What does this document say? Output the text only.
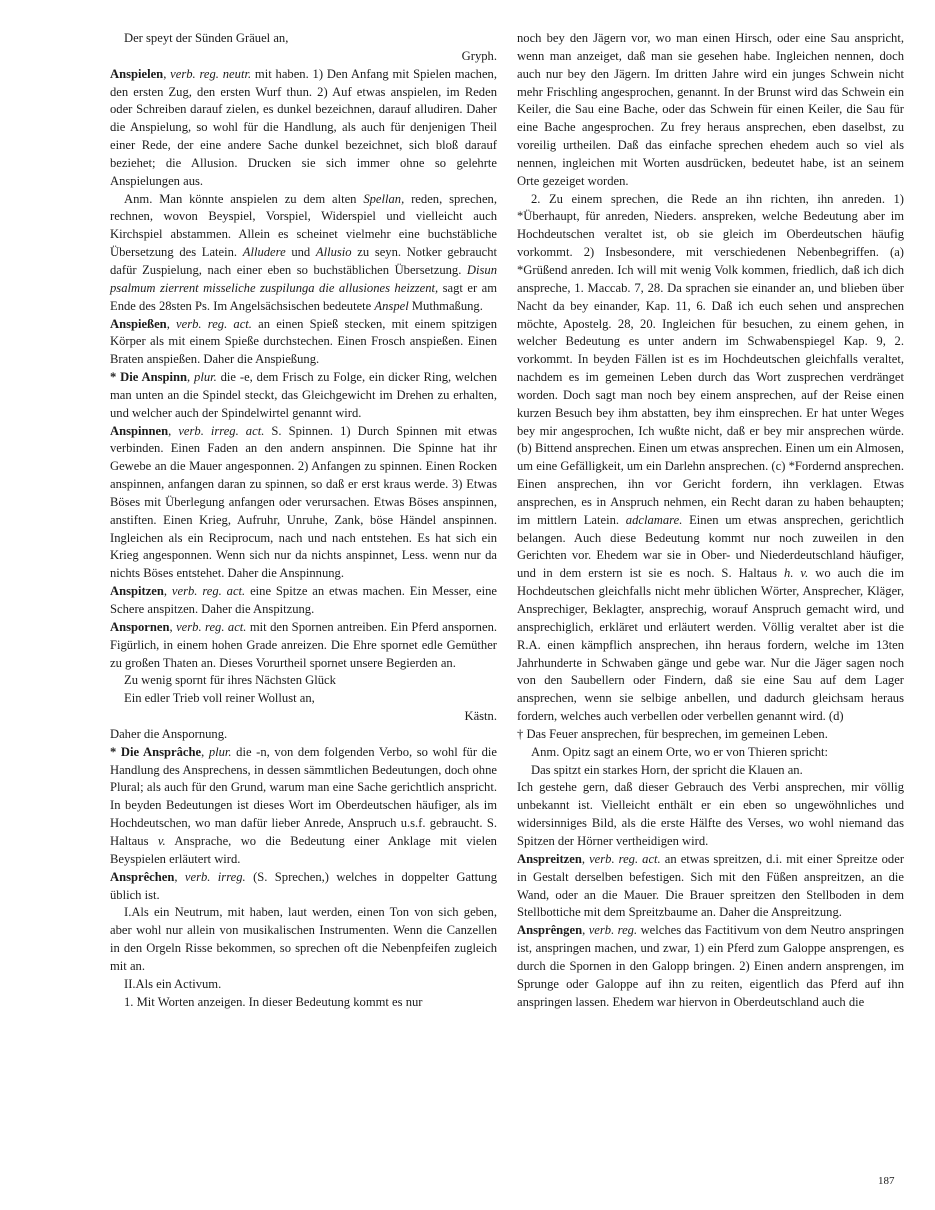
Der speyt der Sünden Gräuel an,

Gryph.

Anspielen, verb. reg. neutr. mit haben. 1) Den Anfang mit Spielen machen, den ersten Zug, den ersten Wurf thun. 2) Auf etwas anspielen, im Reden oder Schreiben darauf zielen, es dunkel bezeichnen, darauf alludiren. Daher die Anspielung, so wohl für die Handlung, als auch für denjenigen Theil einer Rede, der eine andere Sache dunkel bezeichnet, sich bloß darauf beziehet; die Allusion. Drucken sie sich immer ohne so gelehrte Anspielungen aus.

Anm. Man könnte anspielen zu dem alten Spellan, reden, sprechen, rechnen, wovon Beyspiel, Vorspiel, Widerspiel und vielleicht auch Kirchspiel abstammen. Allein es scheinet vielmehr eine buchstäbliche Übersetzung des Latein. Alludere und Allusio zu seyn. Notker gebraucht dafür Zuspielung, nach einer eben so buchstäblichen Übersetzung. Disun psalmum zierrent misseliche zuspilunga die allusiones heizzent, sagt er am Ende des 28sten Ps. Im Angelsächsischen bedeutete Anspel Muthmaßung.

Anspießen, verb. reg. act. an einen Spieß stecken, mit einem spitzigen Körper als mit einem Spieße durchstechen. Einen Frosch anspießen. Einen Braten anspießen. Daher die Anspießung.

* Die Anspinn, plur. die -e, dem Frisch zu Folge, ein dicker Ring, welchen man unten an die Spindel steckt, das Gleichgewicht im Drehen zu erhalten, und welcher auch der Spindelwirtel genannt wird.

Anspinnen, verb. irreg. act. S. Spinnen. 1) Durch Spinnen mit etwas verbinden. Einen Faden an den andern anspinnen. Die Spinne hat ihr Gewebe an die Mauer angesponnen. 2) Anfangen zu spinnen. Einen Rocken anspinnen, anfangen daran zu spinnen, so daß er erst kraus werde. 3) Etwas Böses mit Überlegung anfangen oder verursachen. Etwas Böses anspinnen, anstiften. Einen Krieg, Aufruhr, Unruhe, Zank, böse Händel anspinnen. Ingleichen als ein Reciprocum, nach und nach entstehen. Es hat sich ein Krieg angesponnen. Wenn sich nur da nichts anspinnet, Less. wenn nur da nichts Böses entstehet. Daher die Anspinnung.

Anspitzen, verb. reg. act. eine Spitze an etwas machen. Ein Messer, eine Schere anspitzen. Daher die Anspitzung.

Anspornen, verb. reg. act. mit den Spornen antreiben. Ein Pferd anspornen. Figürlich, in einem hohen Grade anreizen. Die Ehre spornet edle Gemüther zu großen Thaten an. Dieses Vorurtheil spornet unsere Begierden an.

Zu wenig spornt für ihres Nächsten Glück

Ein edler Trieb voll reiner Wollust an,

Kästn.

Daher die Anspornung.

* Die Ansprâche, plur. die -n, von dem folgenden Verbo, so wohl für die Handlung des Ansprechens, in dessen sämmtlichen Bedeutungen, doch ohne Plural; als auch für den Grund, warum man eine Sache gerichtlich anspricht. In beyden Bedeutungen ist dieses Wort im Oberdeutschen häufiger, als im Hochdeutschen, wo man dafür lieber Anrede, Anspruch u.s.f. gebraucht. S. Haltaus v. Ansprache, wo die Bedeutung einer Anklage mit vielen Beyspielen erläutert wird.

Ansprêchen, verb. irreg. (S. Sprechen,) welches in doppelter Gattung üblich ist.

I.Als ein Neutrum, mit haben, laut werden, einen Ton von sich geben, aber wohl nur allein von musikalischen Instrumenten. Wenn die Canzellen in den Orgeln Risse bekommen, so sprechen oft die Nebenpfeifen zugleich mit an.

II.Als ein Activum.

1. Mit Worten anzeigen. In dieser Bedeutung kommt es nur

noch bey den Jägern vor, wo man einen Hirsch, oder eine Sau anspricht, wenn man anzeiget, daß man sie gesehen habe. Ingleichen nennen, doch auch nur bey den Jägern. Im dritten Jahre wird ein junges Schwein nicht mehr Frischling angesprochen, genannt. In der Brunst wird das Schwein ein Keiler, die Sau eine Bache, oder das Schwein für einen Keiler, die Sau für eine Bache angesprochen. Zu frey heraus ansprechen, eben daselbst, zu voreilig urtheilen. Daß das einfache sprechen ehedem auch so viel als nennen, ingleichen mit Worten ausdrücken, bedeutet habe, ist an seinem Orte gezeiget worden.

2. Zu einem sprechen, die Rede an ihn richten, ihn anreden. 1) *Überhaupt, für anreden, Nieders. anspreken, welche Bedeutung aber im Hochdeutschen veraltet ist, ob sie gleich im Oberdeutschen häufig vorkommt. 2) Insbesondere, mit verschiedenen Nebenbegriffen. (a) *Grüßend anreden. Ich will mit wenig Volk kommen, friedlich, daß ich dich anspreche, 1. Maccab. 7, 28. Da sprachen sie einander an, und blieben über Nacht da bey einander, Kap. 11, 6. Daß ich euch sehen und ansprechen möchte, Apostelg. 28, 20. Ingleichen für besuchen, zu einem gehen, in welcher Bedeutung es unter andern im Schwabenspiegel Kap. 9, 2. vorkommt. In beyden Fällen ist es im Hochdeutschen gleichfalls veraltet, nachdem es im gemeinen Leben durch das Wort zusprechen verdränget worden. Doch sagt man noch bey einem ansprechen, auf der Reise einen kurzen Besuch bey ihm abstatten, bey ihm einsprechen. Er hat unter Weges bey mir angesprochen, Ich wußte nicht, daß er bey mir ansprechen würde. (b) Bittend ansprechen. Einen um etwas ansprechen. Einen um ein Almosen, um eine Gefälligkeit, um ein Darlehn ansprechen. (c) *Fordernd ansprechen. Einen ansprechen, ihn vor Gericht fordern, ihn verklagen. Etwas ansprechen, es in Anspruch nehmen, ein Recht daran zu haben behaupten; im mittlern Latein. adclamare. Einen um etwas ansprechen, gerichtlich belangen. Auch diese Bedeutung kommt nur noch zuweilen in den Gerichten vor. Ehedem war sie in Ober- und Niederdeutschland häufiger, und in dem erstern ist sie es noch. S. Haltaus h. v. wo auch die im Hochdeutschen gleichfalls nicht mehr üblichen Wörter, Ansprecher, Kläger, Ansprechiger, Beklagter, ansprechig, worauf Anspruch gemacht wird, und ansprechiglich, erkläret und erläutert werden. Völlig veraltet aber ist die R.A. einen kämpflich ansprechen, ihn heraus fordern, welche im 13ten Jahrhunderte in Schwaben gänge und gebe war. Nur die Jäger sagen noch von den Saubellern oder Findern, daß sie eine Sau auf dem Lager ansprechen, wenn sie selbige anbellen, und dadurch gleichsam heraus fordern, welches auch verbellen oder verbellen genannt wird. (d)

† Das Feuer ansprechen, für besprechen, im gemeinen Leben.

Anm. Opitz sagt an einem Orte, wo er von Thieren spricht:

Das spitzt ein starkes Horn, der spricht die Klauen an.

Ich gestehe gern, daß dieser Gebrauch des Verbi ansprechen, mir völlig unbekannt ist. Vielleicht enthält er ein eben so ungewöhnliches und widersinniges Bild, als die erste Hälfte des Verses, wo wohl niemand das Spitzen der Hörner vertheidigen wird.

Anspreitzen, verb. reg. act. an etwas spreitzen, d.i. mit einer Spreitze oder in Gestalt derselben befestigen. Sich mit den Füßen anspreitzen, an die Wand, oder an die Mauer. Die Brauer spreitzen den Stellboden in dem Stellbottiche mit dem Spreitzbaume an. Daher die Anspreitzung.

Ansprêngen, verb. reg. welches das Factitivum von dem Neutro anspringen ist, anspringen machen, und zwar, 1) ein Pferd zum Galoppe ansprengen, es durch die Spornen in den Galopp bringen. 2) Einen andern ansprengen, im Sprunge oder Galoppe auf ihn zu reiten, eigentlich das Pferd auf ihn anspringen lassen. Ehedem war hiervon in Oberdeutschland auch die

187
